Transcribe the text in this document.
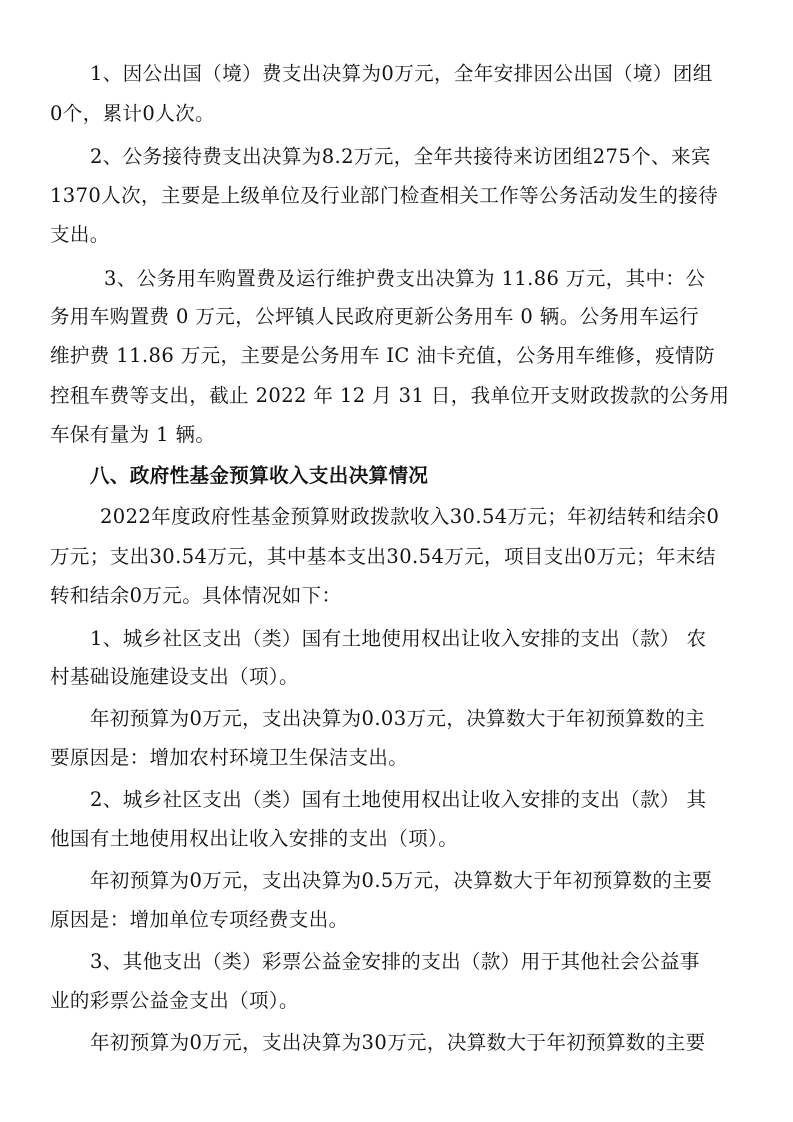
1、因公出国（境）费支出决算为0万元，全年安排因公出国（境）团组
0个，累计0人次。
2、公务接待费支出决算为8.2万元，全年共接待来访团组275个、来宾
1370人次，主要是上级单位及行业部门检查相关工作等公务活动发生的接待
支出。
3、公务用车购置费及运行维护费支出决算为 11.86 万元，其中：公
务用车购置费 0 万元，公坪镇人民政府更新公务用车 0 辆。公务用车运行
维护费 11.86 万元，主要是公务用车 IC 油卡充值，公务用车维修，疫情防
控租车费等支出，截止 2022 年 12 月 31 日，我单位开支财政拨款的公务用
车保有量为 1 辆。
八、政府性基金预算收入支出决算情况
2022年度政府性基金预算财政拨款收入30.54万元；年初结转和结余0
万元；支出30.54万元，其中基本支出30.54万元，项目支出0万元；年末结
转和结余0万元。具体情况如下：
1、城乡社区支出（类）国有土地使用权出让收入安排的支出（款） 农
村基础设施建设支出（项）。
年初预算为0万元，支出决算为0.03万元，决算数大于年初预算数的主
要原因是：增加农村环境卫生保洁支出。
2、城乡社区支出（类）国有土地使用权出让收入安排的支出（款） 其
他国有土地使用权出让收入安排的支出（项）。
年初预算为0万元，支出决算为0.5万元，决算数大于年初预算数的主要
原因是：增加单位专项经费支出。
3、其他支出（类）彩票公益金安排的支出（款）用于其他社会公益事
业的彩票公益金支出（项）。
年初预算为0万元，支出决算为30万元，决算数大于年初预算数的主要
